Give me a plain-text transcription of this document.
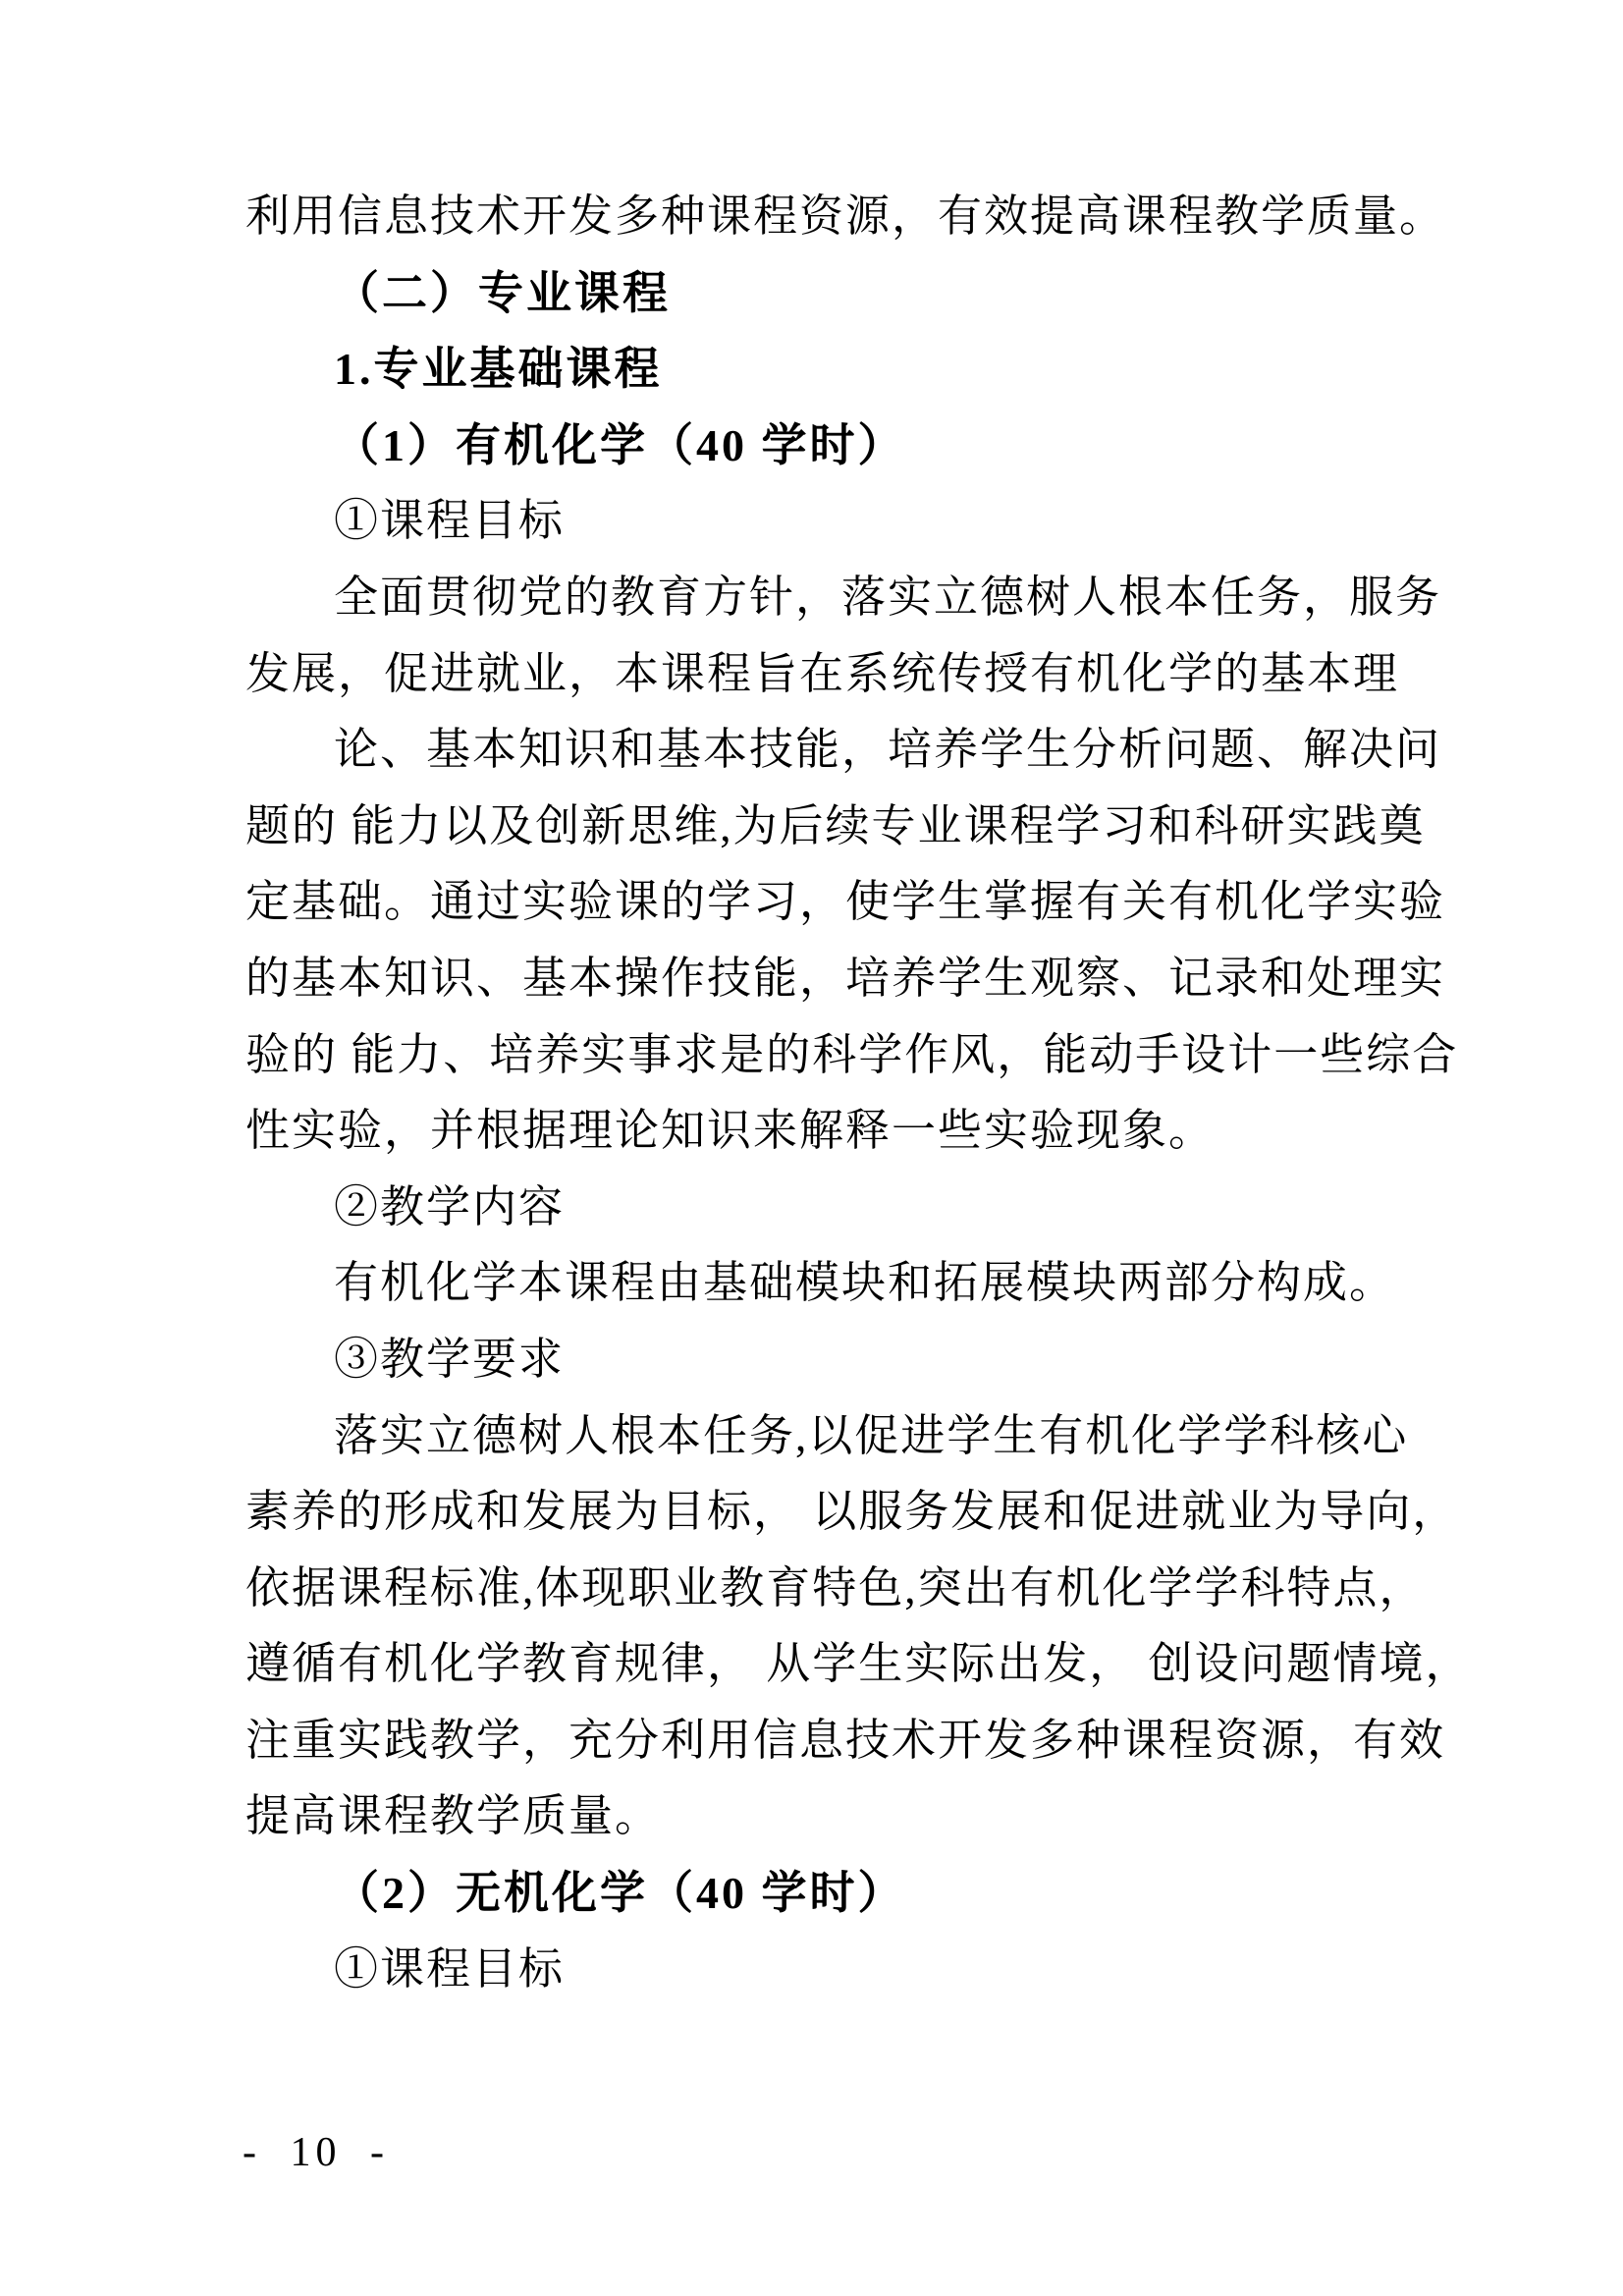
利用信息技术开发多种课程资源，有效提高课程教学质量。
（二）专业课程
1.专业基础课程
（1）有机化学（40 学时）
①课程目标
全面贯彻党的教育方针，落实立德树人根本任务，服务
发展，促进就业，本课程旨在系统传授有机化学的基本理
论、基本知识和基本技能，培养学生分析问题、解决问
题的 能力以及创新思维,为后续专业课程学习和科研实践奠
定基础。通过实验课的学习，使学生掌握有关有机化学实验
的基本知识、基本操作技能，培养学生观察、记录和处理实
验的 能力、培养实事求是的科学作风，能动手设计一些综合
性实验，并根据理论知识来解释一些实验现象。
②教学内容
有机化学本课程由基础模块和拓展模块两部分构成。
③教学要求
落实立德树人根本任务,以促进学生有机化学学科核心
素养的形成和发展为目标， 以服务发展和促进就业为导向，
依据课程标准,体现职业教育特色,突出有机化学学科特点，
遵循有机化学教育规律， 从学生实际出发， 创设问题情境，
注重实践教学，充分利用信息技术开发多种课程资源，有效
提高课程教学质量。
（2）无机化学（40 学时）
①课程目标
- 10 -
